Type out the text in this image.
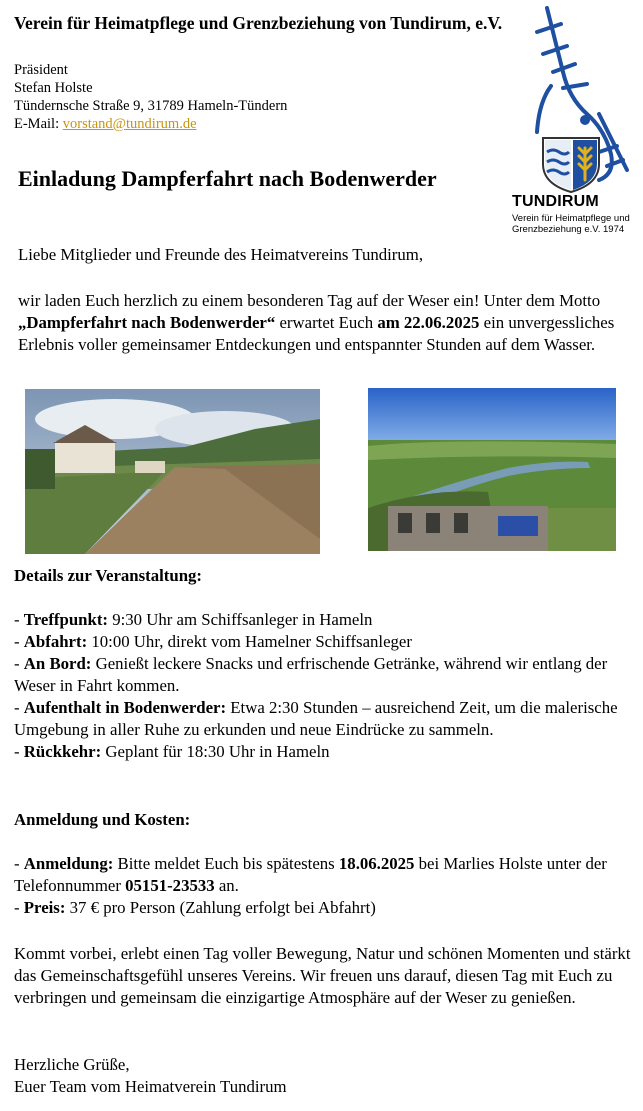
Verein für Heimatpflege und Grenzbeziehung von Tundirum, e.V.
Präsident
Stefan Holste
Tündernsche Straße 9, 31789 Hameln-Tündern
E-Mail: vorstand@tundirum.de
TUNDIRUM
Verein für Heimatpflege und
Grenzbeziehung e.V. 1974
Einladung Dampferfahrt nach Bodenwerder
Liebe Mitglieder und Freunde des Heimatvereins Tundirum,
wir laden Euch herzlich zu einem besonderen Tag auf der Weser ein! Unter dem Motto „Dampferfahrt nach Bodenwerder“ erwartet Euch am 22.06.2025 ein unvergessliches Erlebnis voller gemeinsamer Entdeckungen und entspannter Stunden auf dem Wasser.
Details zur Veranstaltung:
- Treffpunkt: 9:30 Uhr am Schiffsanleger in Hameln
- Abfahrt: 10:00 Uhr, direkt vom Hamelner Schiffsanleger
- An Bord: Genießt leckere Snacks und erfrischende Getränke, während wir entlang der Weser in Fahrt kommen.
- Aufenthalt in Bodenwerder: Etwa 2:30 Stunden – ausreichend Zeit, um die malerische Umgebung in aller Ruhe zu erkunden und neue Eindrücke zu sammeln.
- Rückkehr: Geplant für 18:30 Uhr in Hameln
Anmeldung und Kosten:
- Anmeldung: Bitte meldet Euch bis spätestens 18.06.2025 bei Marlies Holste unter der Telefonnummer 05151-23533 an.
- Preis: 37 € pro Person (Zahlung erfolgt bei Abfahrt)
Kommt vorbei, erlebt einen Tag voller Bewegung, Natur und schönen Momenten und stärkt das Gemeinschaftsgefühl unseres Vereins. Wir freuen uns darauf, diesen Tag mit Euch zu verbringen und gemeinsam die einzigartige Atmosphäre auf der Weser zu genießen.
Herzliche Grüße,
Euer Team vom Heimatverein Tundirum
